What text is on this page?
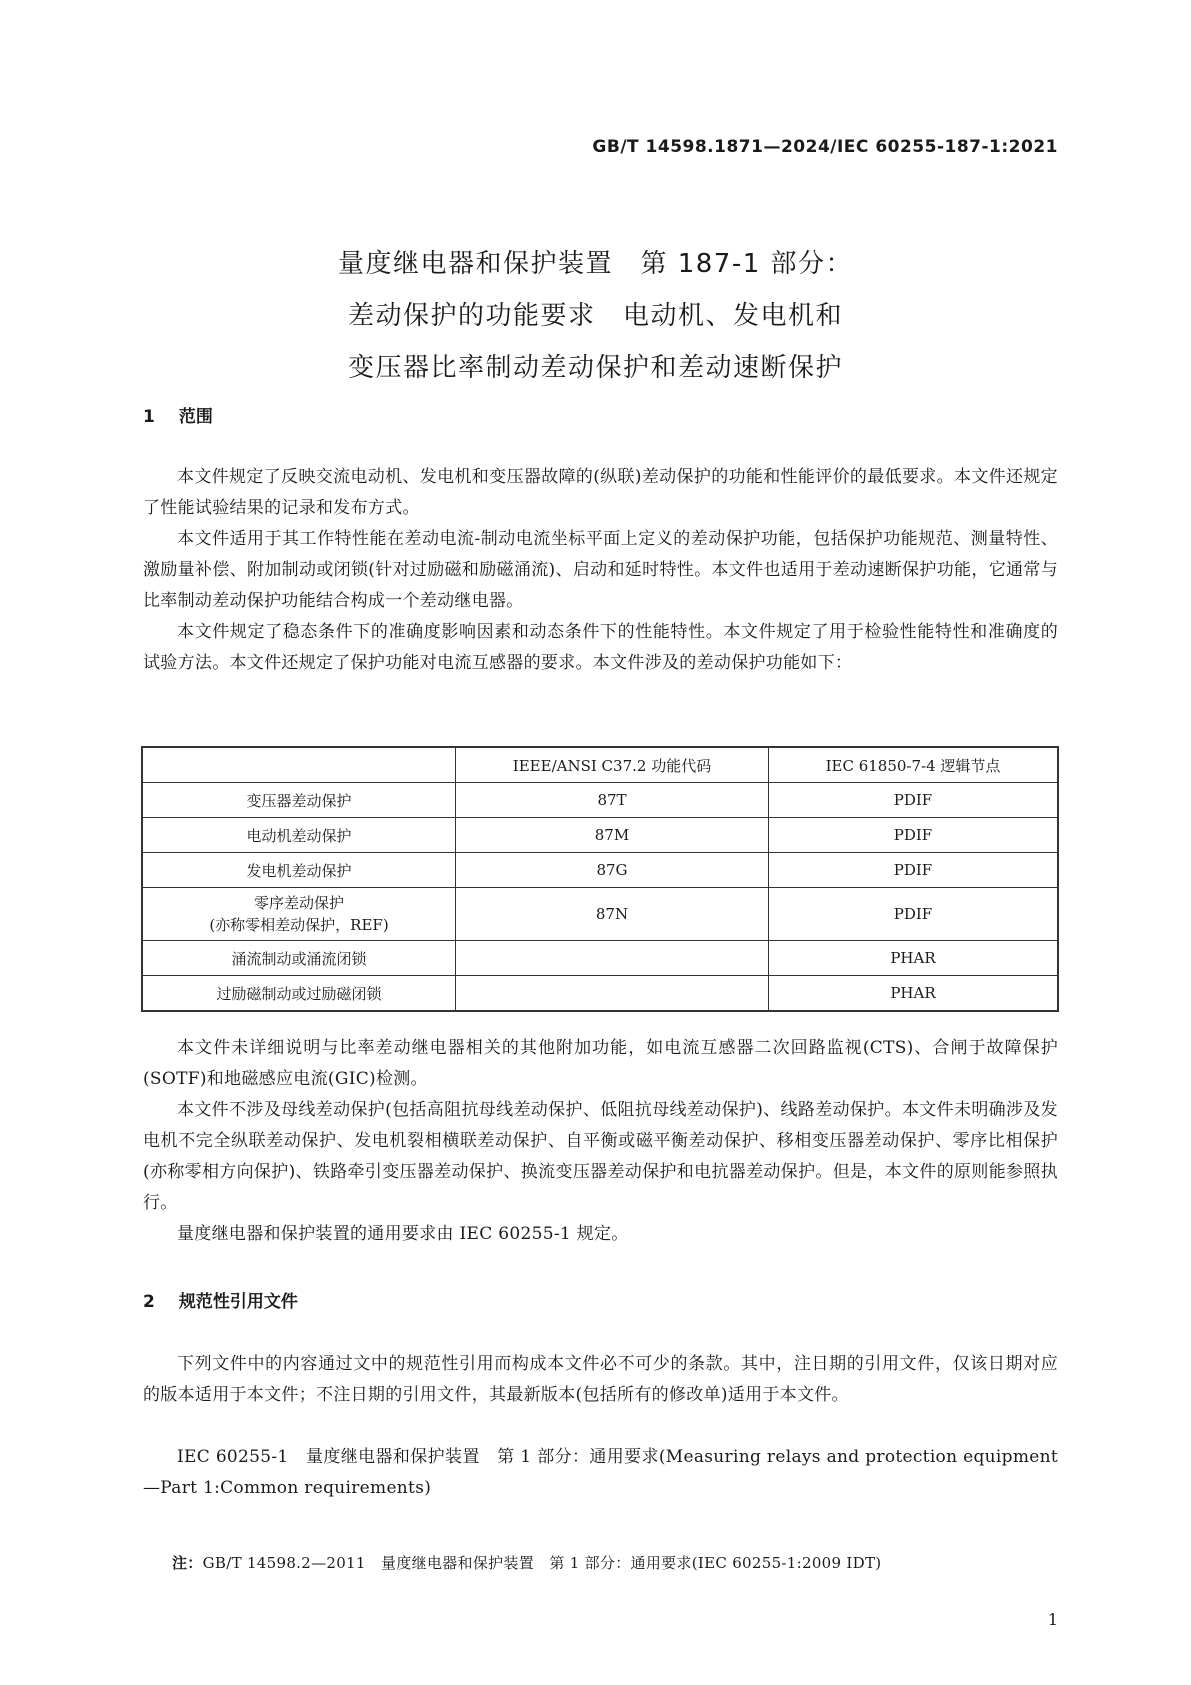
GB/T 14598.1871—2024/IEC 60255-187-1:2021
量度继电器和保护装置　第 187-1 部分：
差动保护的功能要求　电动机、发电机和
变压器比率制动差动保护和差动速断保护
1 范围
本文件规定了反映交流电动机、发电机和变压器故障的(纵联)差动保护的功能和性能评价的最低要求。本文件还规定了性能试验结果的记录和发布方式。
本文件适用于其工作特性能在差动电流-制动电流坐标平面上定义的差动保护功能，包括保护功能规范、测量特性、激励量补偿、附加制动或闭锁(针对过励磁和励磁涌流)、启动和延时特性。本文件也适用于差动速断保护功能，它通常与比率制动差动保护功能结合构成一个差动继电器。
本文件规定了稳态条件下的准确度影响因素和动态条件下的性能特性。本文件规定了用于检验性能特性和准确度的试验方法。本文件还规定了保护功能对电流互感器的要求。本文件涉及的差动保护功能如下：
	IEEE/ANSI C37.2 功能代码	IEC 61850-7-4 逻辑节点
变压器差动保护	87T	PDIF
电动机差动保护	87M	PDIF
发电机差动保护	87G	PDIF

零序差动保护
(亦称零相差动保护，REF)	87N	PDIF
涌流制动或涌流闭锁		PHAR
过励磁制动或过励磁闭锁		PHAR
本文件未详细说明与比率差动继电器相关的其他附加功能，如电流互感器二次回路监视(CTS)、合闸于故障保护(SOTF)和地磁感应电流(GIC)检测。
本文件不涉及母线差动保护(包括高阻抗母线差动保护、低阻抗母线差动保护)、线路差动保护。本文件未明确涉及发电机不完全纵联差动保护、发电机裂相横联差动保护、自平衡或磁平衡差动保护、移相变压器差动保护、零序比相保护(亦称零相方向保护)、铁路牵引变压器差动保护、换流变压器差动保护和电抗器差动保护。但是，本文件的原则能参照执行。
量度继电器和保护装置的通用要求由 IEC 60255-1 规定。
2 规范性引用文件
下列文件中的内容通过文中的规范性引用而构成本文件必不可少的条款。其中，注日期的引用文件，仅该日期对应的版本适用于本文件；不注日期的引用文件，其最新版本(包括所有的修改单)适用于本文件。
IEC 60255-1　量度继电器和保护装置　第 1 部分：通用要求(Measuring relays and protection equipment—Part 1:Common requirements)
注：GB/T 14598.2—2011　量度继电器和保护装置　第 1 部分：通用要求(IEC 60255-1:2009 IDT)
1
